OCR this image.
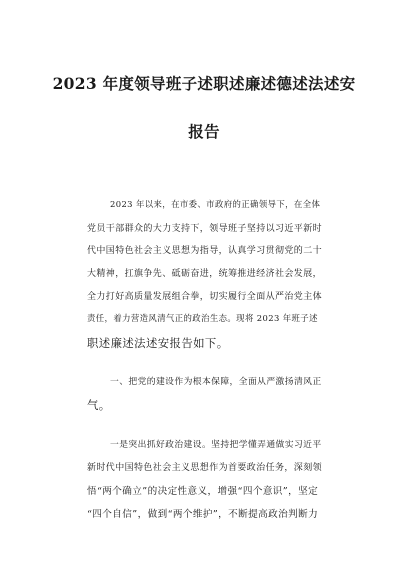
2023 年度领导班子述职述廉述德述法述安
报告
2023 年以来，在市委、市政府的正确领导下，在全体
党员干部群众的大力支持下，领导班子坚持以习近平新时
代中国特色社会主义思想为指导，认真学习贯彻党的二十
大精神，扛旗争先、砥砺奋进，统筹推进经济社会发展，
全力打好高质量发展组合拳，切实履行全面从严治党主体
责任，着力营造风清气正的政治生态。现将 2023 年班子述
职述廉述法述安报告如下。
一、把党的建设作为根本保障，全面从严激扬清风正
气。
一是突出抓好政治建设。坚持把学懂弄通做实习近平
新时代中国特色社会主义思想作为首要政治任务，深刻领
悟“两个确立”的决定性意义，增强“四个意识”，坚定
“四个自信”，做到“两个维护”，不断提高政治判断力
